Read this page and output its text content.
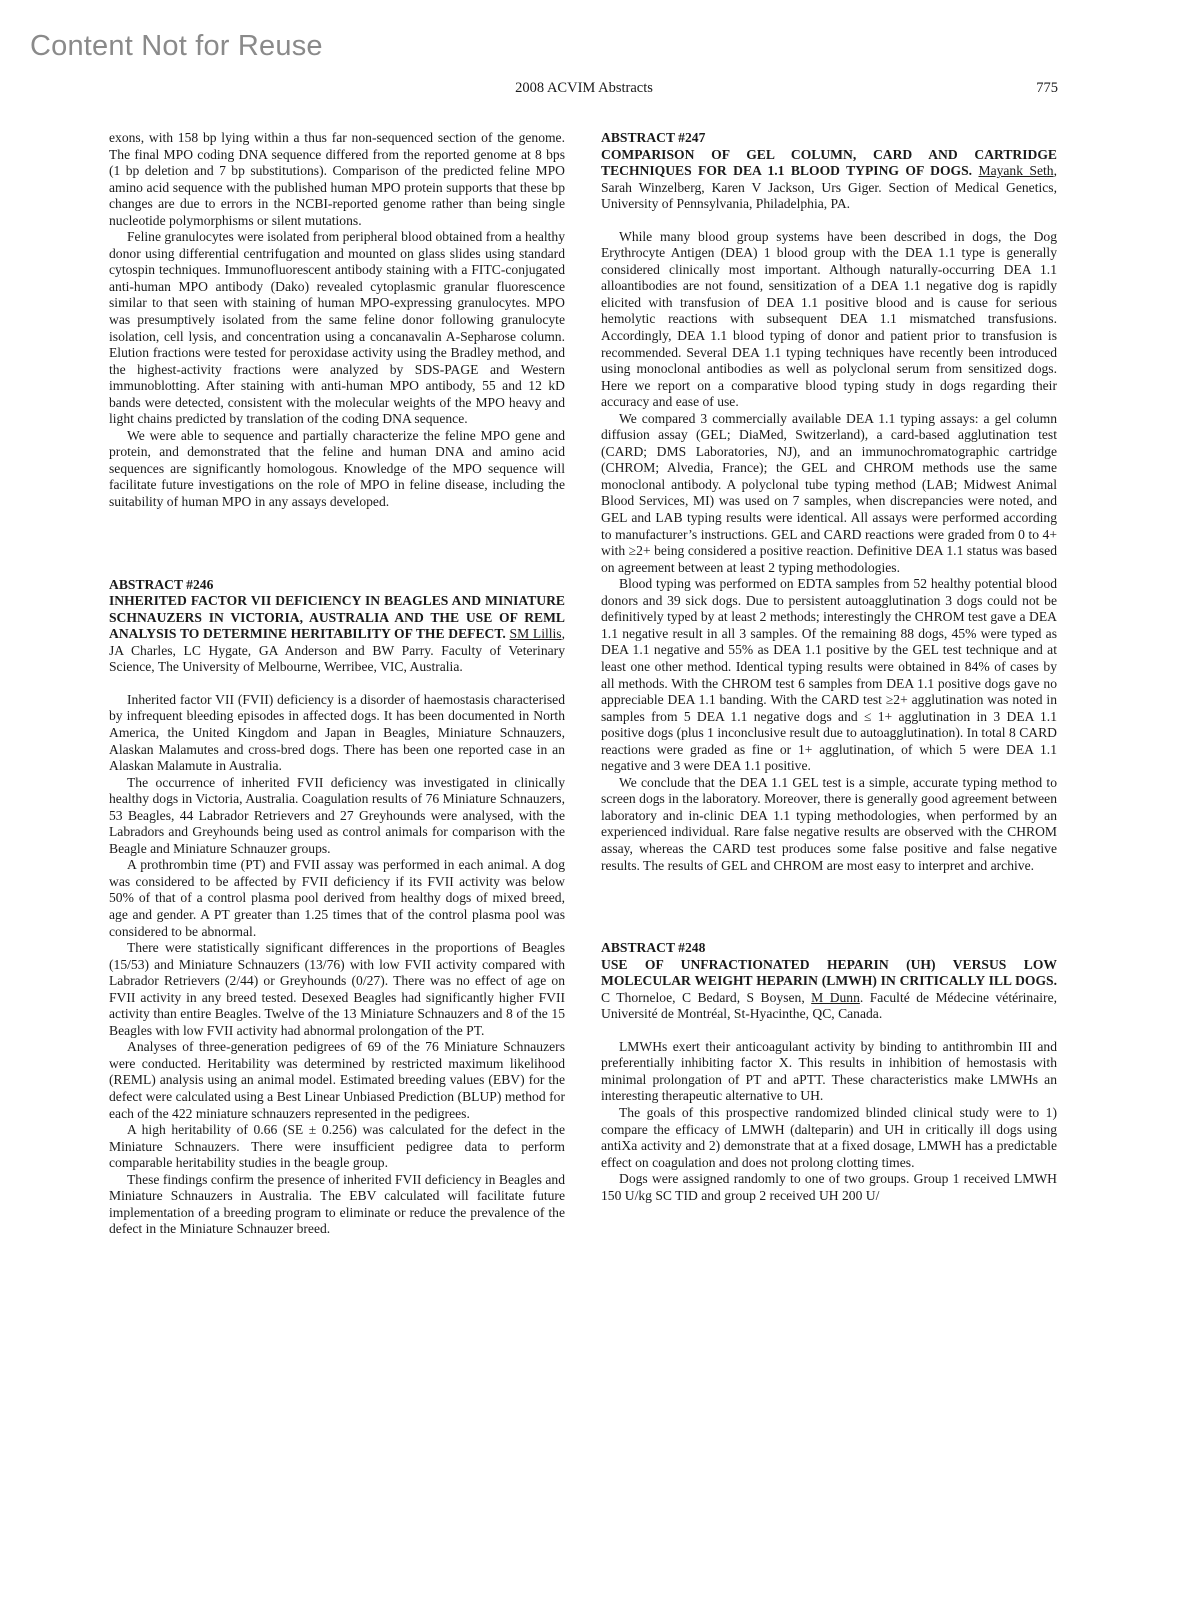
Content Not for Reuse
2008 ACVIM Abstracts	775

exons, with 158 bp lying within a thus far non-sequenced section of the genome. The final MPO coding DNA sequence differed from the reported genome at 8 bps (1 bp deletion and 7 bp substitutions). Comparison of the predicted feline MPO amino acid sequence with the published human MPO protein supports that these bp changes are due to errors in the NCBI-reported genome rather than being single nucleotide polymorphisms or silent mutations.

Feline granulocytes were isolated from peripheral blood obtained from a healthy donor using differential centrifugation and mounted on glass slides using standard cytospin techniques. Immunofluorescent antibody staining with a FITC-conjugated anti-human MPO antibody (Dako) revealed cytoplasmic granular fluorescence similar to that seen with staining of human MPO-expressing granulocytes. MPO was presumptively isolated from the same feline donor following granulocyte isolation, cell lysis, and concentration using a concanavalin A-Sepharose column. Elution fractions were tested for peroxidase activity using the Bradley method, and the highest-activity fractions were analyzed by SDS-PAGE and Western immunoblotting. After staining with anti-human MPO antibody, 55 and 12 kD bands were detected, consistent with the molecular weights of the MPO heavy and light chains predicted by translation of the coding DNA sequence.

We were able to sequence and partially characterize the feline MPO gene and protein, and demonstrated that the feline and human DNA and amino acid sequences are significantly homologous. Knowledge of the MPO sequence will facilitate future investigations on the role of MPO in feline disease, including the suitability of human MPO in any assays developed.

ABSTRACT #246

INHERITED FACTOR VII DEFICIENCY IN BEAGLES AND MINIATURE SCHNAUZERS IN VICTORIA, AUSTRALIA AND THE USE OF REML ANALYSIS TO DETERMINE HERITABILITY OF THE DEFECT. SM Lillis, JA Charles, LC Hygate, GA Anderson and BW Parry. Faculty of Veterinary Science, The University of Melbourne, Werribee, VIC, Australia.

Inherited factor VII (FVII) deficiency is a disorder of haemostasis characterised by infrequent bleeding episodes in affected dogs. It has been documented in North America, the United Kingdom and Japan in Beagles, Miniature Schnauzers, Alaskan Malamutes and cross-bred dogs. There has been one reported case in an Alaskan Malamute in Australia.

The occurrence of inherited FVII deficiency was investigated in clinically healthy dogs in Victoria, Australia. Coagulation results of 76 Miniature Schnauzers, 53 Beagles, 44 Labrador Retrievers and 27 Greyhounds were analysed, with the Labradors and Greyhounds being used as control animals for comparison with the Beagle and Miniature Schnauzer groups.

A prothrombin time (PT) and FVII assay was performed in each animal. A dog was considered to be affected by FVII deficiency if its FVII activity was below 50% of that of a control plasma pool derived from healthy dogs of mixed breed, age and gender. A PT greater than 1.25 times that of the control plasma pool was considered to be abnormal.

There were statistically significant differences in the proportions of Beagles (15/53) and Miniature Schnauzers (13/76) with low FVII activity compared with Labrador Retrievers (2/44) or Greyhounds (0/27). There was no effect of age on FVII activity in any breed tested. Desexed Beagles had significantly higher FVII activity than entire Beagles. Twelve of the 13 Miniature Schnauzers and 8 of the 15 Beagles with low FVII activity had abnormal prolongation of the PT.

Analyses of three-generation pedigrees of 69 of the 76 Miniature Schnauzers were conducted. Heritability was determined by restricted maximum likelihood (REML) analysis using an animal model. Estimated breeding values (EBV) for the defect were calculated using a Best Linear Unbiased Prediction (BLUP) method for each of the 422 miniature schnauzers represented in the pedigrees.

A high heritability of 0.66 (SE ± 0.256) was calculated for the defect in the Miniature Schnauzers. There were insufficient pedigree data to perform comparable heritability studies in the beagle group.

These findings confirm the presence of inherited FVII deficiency in Beagles and Miniature Schnauzers in Australia. The EBV calculated will facilitate future implementation of a breeding program to eliminate or reduce the prevalence of the defect in the Miniature Schnauzer breed.

ABSTRACT #247

COMPARISON OF GEL COLUMN, CARD AND CARTRIDGE TECHNIQUES FOR DEA 1.1 BLOOD TYPING OF DOGS. Mayank Seth, Sarah Winzelberg, Karen V Jackson, Urs Giger. Section of Medical Genetics, University of Pennsylvania, Philadelphia, PA.

While many blood group systems have been described in dogs, the Dog Erythrocyte Antigen (DEA) 1 blood group with the DEA 1.1 type is generally considered clinically most important. Although naturally-occurring DEA 1.1 alloantibodies are not found, sensitization of a DEA 1.1 negative dog is rapidly elicited with transfusion of DEA 1.1 positive blood and is cause for serious hemolytic reactions with subsequent DEA 1.1 mismatched transfusions. Accordingly, DEA 1.1 blood typing of donor and patient prior to transfusion is recommended. Several DEA 1.1 typing techniques have recently been introduced using monoclonal antibodies as well as polyclonal serum from sensitized dogs. Here we report on a comparative blood typing study in dogs regarding their accuracy and ease of use.

We compared 3 commercially available DEA 1.1 typing assays: a gel column diffusion assay (GEL; DiaMed, Switzerland), a card-based agglutination test (CARD; DMS Laboratories, NJ), and an immunochromatographic cartridge (CHROM; Alvedia, France); the GEL and CHROM methods use the same monoclonal antibody. A polyclonal tube typing method (LAB; Midwest Animal Blood Services, MI) was used on 7 samples, when discrepancies were noted, and GEL and LAB typing results were identical. All assays were performed according to manufacturer’s instructions. GEL and CARD reactions were graded from 0 to 4+ with ≥2+ being considered a positive reaction. Definitive DEA 1.1 status was based on agreement between at least 2 typing methodologies.

Blood typing was performed on EDTA samples from 52 healthy potential blood donors and 39 sick dogs. Due to persistent autoagglutination 3 dogs could not be definitively typed by at least 2 methods; interestingly the CHROM test gave a DEA 1.1 negative result in all 3 samples. Of the remaining 88 dogs, 45% were typed as DEA 1.1 negative and 55% as DEA 1.1 positive by the GEL test technique and at least one other method. Identical typing results were obtained in 84% of cases by all methods. With the CHROM test 6 samples from DEA 1.1 positive dogs gave no appreciable DEA 1.1 banding. With the CARD test ≥2+ agglutination was noted in samples from 5 DEA 1.1 negative dogs and ≤ 1+ agglutination in 3 DEA 1.1 positive dogs (plus 1 inconclusive result due to autoagglutination). In total 8 CARD reactions were graded as fine or 1+ agglutination, of which 5 were DEA 1.1 negative and 3 were DEA 1.1 positive.

We conclude that the DEA 1.1 GEL test is a simple, accurate typing method to screen dogs in the laboratory. Moreover, there is generally good agreement between laboratory and in-clinic DEA 1.1 typing methodologies, when performed by an experienced individual. Rare false negative results are observed with the CHROM assay, whereas the CARD test produces some false positive and false negative results. The results of GEL and CHROM are most easy to interpret and archive.

ABSTRACT #248

USE OF UNFRACTIONATED HEPARIN (UH) VERSUS LOW MOLECULAR WEIGHT HEPARIN (LMWH) IN CRITICALLY ILL DOGS. C Thorneloe, C Bedard, S Boysen, M Dunn. Faculté de Médecine vétérinaire, Université de Montréal, St-Hyacinthe, QC, Canada.

LMWHs exert their anticoagulant activity by binding to antithrombin III and preferentially inhibiting factor X. This results in inhibition of hemostasis with minimal prolongation of PT and aPTT. These characteristics make LMWHs an interesting therapeutic alternative to UH.

The goals of this prospective randomized blinded clinical study were to 1) compare the efficacy of LMWH (dalteparin) and UH in critically ill dogs using antiXa activity and 2) demonstrate that at a fixed dosage, LMWH has a predictable effect on coagulation and does not prolong clotting times.

Dogs were assigned randomly to one of two groups. Group 1 received LMWH 150 U/kg SC TID and group 2 received UH 200 U/
